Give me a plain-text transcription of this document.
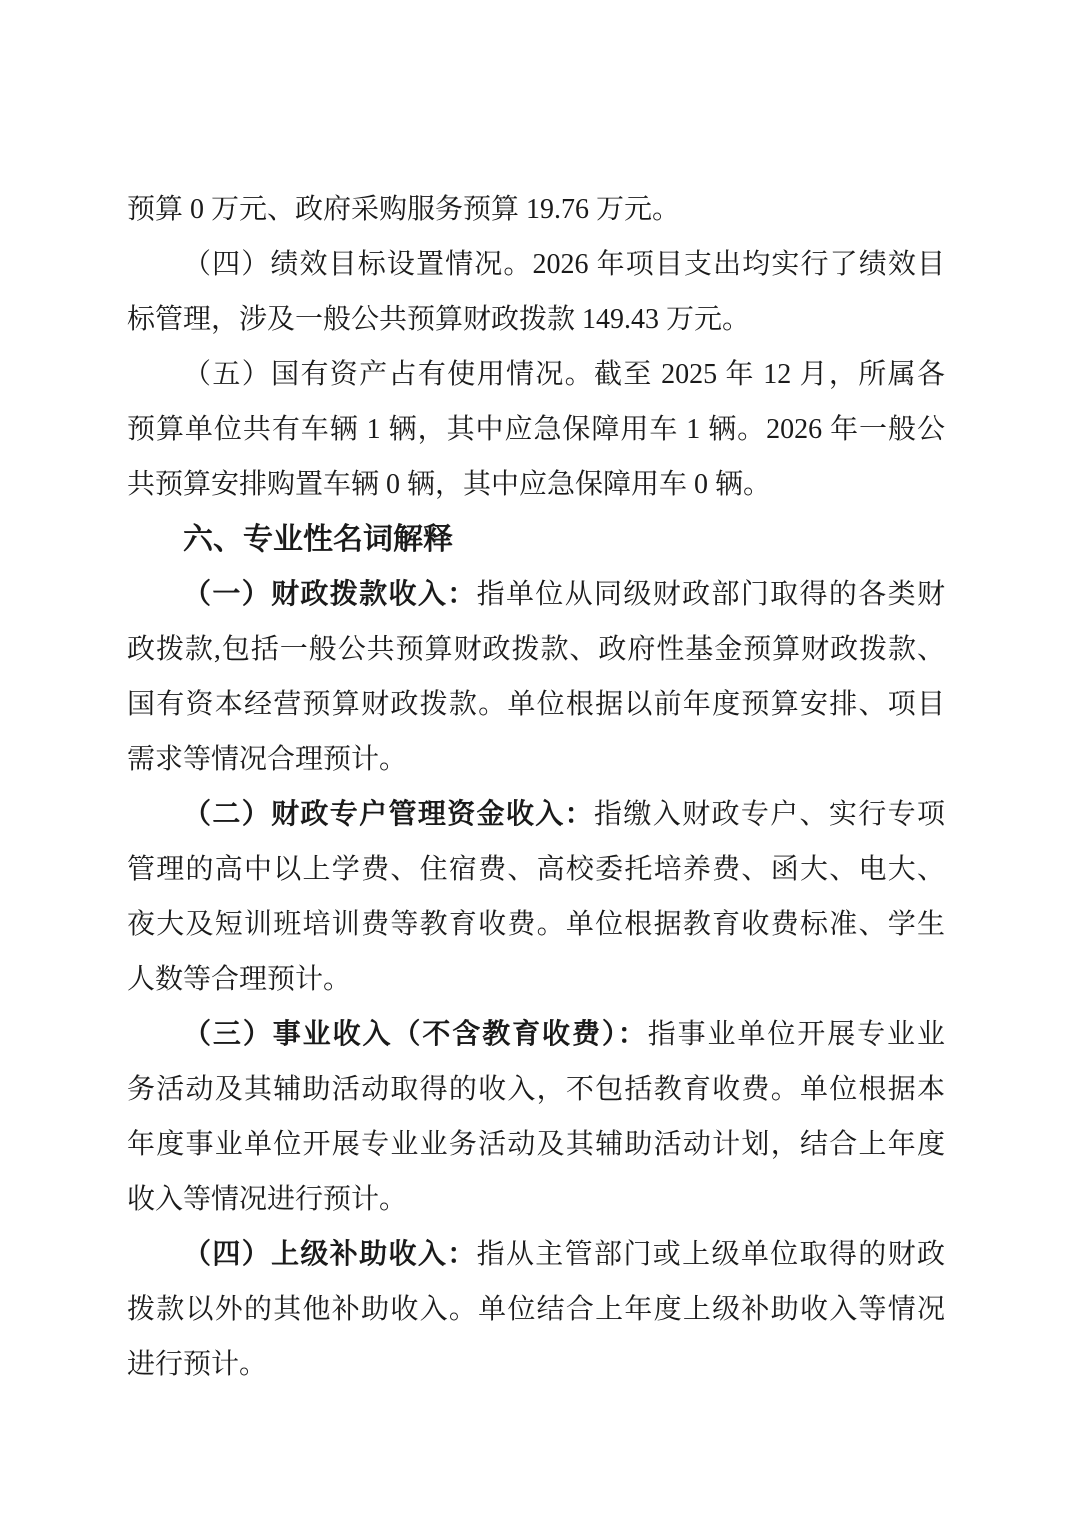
预算 0 万元、政府采购服务预算 19.76 万元。
（四）绩效目标设置情况。2026 年项目支出均实行了绩效目
标管理，涉及一般公共预算财政拨款 149.43 万元。
（五）国有资产占有使用情况。截至 2025 年 12 月，所属各
预算单位共有车辆 1 辆，其中应急保障用车 1 辆。2026 年一般公
共预算安排购置车辆 0 辆，其中应急保障用车 0 辆。
六、专业性名词解释
（一）财政拨款收入：指单位从同级财政部门取得的各类财
政拨款,包括一般公共预算财政拨款、政府性基金预算财政拨款、
国有资本经营预算财政拨款。单位根据以前年度预算安排、项目
需求等情况合理预计。
（二）财政专户管理资金收入：指缴入财政专户、实行专项
管理的高中以上学费、住宿费、高校委托培养费、函大、电大、
夜大及短训班培训费等教育收费。单位根据教育收费标准、学生
人数等合理预计。
（三）事业收入（不含教育收费）：指事业单位开展专业业
务活动及其辅助活动取得的收入，不包括教育收费。单位根据本
年度事业单位开展专业业务活动及其辅助活动计划，结合上年度
收入等情况进行预计。
（四）上级补助收入：指从主管部门或上级单位取得的财政
拨款以外的其他补助收入。单位结合上年度上级补助收入等情况
进行预计。
